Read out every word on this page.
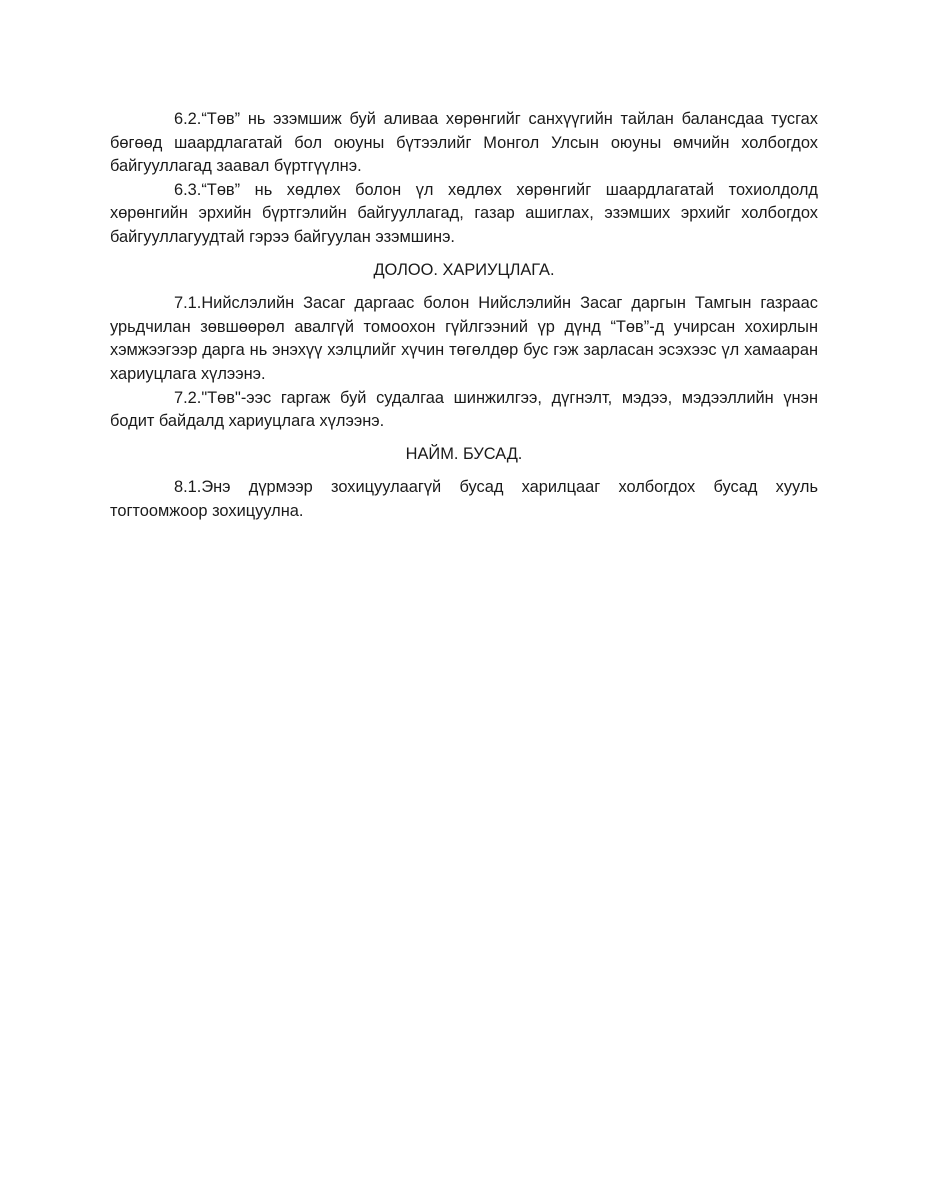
6.2.“Төв” нь эзэмшиж буй аливаа хөрөнгийг санхүүгийн тайлан балансдаа тусгах бөгөөд шаардлагатай бол оюуны бүтээлийг Монгол Улсын оюуны өмчийн холбогдох байгууллагад заавал бүртгүүлнэ.

6.3.“Төв” нь хөдлөх болон үл хөдлөх хөрөнгийг шаардлагатай тохиолдолд хөрөнгийн эрхийн бүртгэлийн байгууллагад, газар ашиглах, эзэмших эрхийг холбогдох байгууллагуудтай гэрээ байгуулан эзэмшинэ.

ДОЛОО. ХАРИУЦЛАГА.

7.1.Нийслэлийн Засаг даргаас болон Нийслэлийн Засаг даргын Тамгын газраас урьдчилан зөвшөөрөл авалгүй томоохон гүйлгээний үр дүнд “Төв”-д учирсан хохирлын хэмжээгээр дарга нь энэхүү хэлцлийг хүчин төгөлдөр бус гэж зарласан эсэхээс үл хамааран хариуцлага хүлээнэ.

7.2."Төв"-ээс гаргаж буй судалгаа шинжилгээ, дүгнэлт, мэдээ, мэдээллийн үнэн бодит байдалд хариуцлага хүлээнэ.

НАЙМ. БУСАД.

8.1.Энэ дүрмээр зохицуулаагүй бусад харилцааг холбогдох бусад хууль тогтоомжоор зохицуулна.
